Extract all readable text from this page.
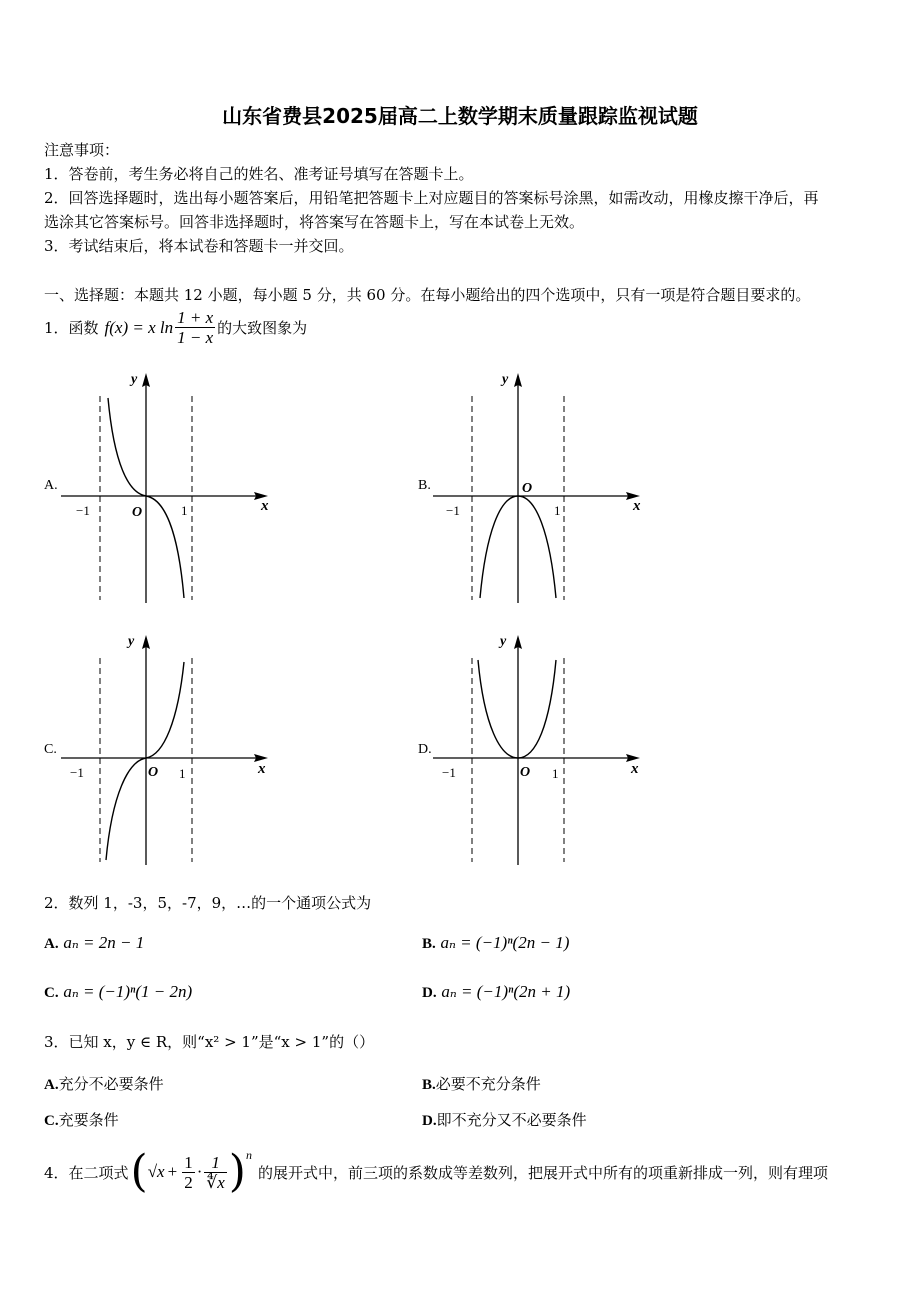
山东省费县2025届高二上数学期末质量跟踪监视试题
注意事项：
1．答卷前，考生务必将自己的姓名、准考证号填写在答题卡上。
2．回答选择题时，选出每小题答案后，用铅笔把答题卡上对应题目的答案标号涂黑，如需改动，用橡皮擦干净后，再
选涂其它答案标号。回答非选择题时，将答案写在答题卡上，写在本试卷上无效。
3．考试结束后，将本试卷和答题卡一并交回。
一、选择题：本题共 12 小题，每小题 5 分，共 60 分。在每小题给出的四个选项中，只有一项是符合题目要求的。
1．函数 f(x) = x $\ln \frac{1 + x}{1 - x}$ 的大致图象为
A.
−1	O	1	x
y
B.
−1
O
1	x
y
C.
−1	O 1	x
y
D.
−1	O 1	x
y
2．数列 1，-3，5，-7，9，…的一个通项公式为
A. aₙ = 2n − 1	B. aₙ = (−1)ⁿ(2n − 1)
C. aₙ = (−1)ⁿ(1 − 2n)	D. aₙ = (−1)ⁿ(2n + 1)
3．已知 x，y ∈ R，则“x² > 1”是“x > 1”的（）
A.充分不必要条件	B.必要不充分条件
C.充要条件	D.即不充分又不必要条件
4．在二项式 ( $√x + \frac{1}{2} \cdot \frac{1}{∜x}$ ) n
的展开式中，前三项的系数成等差数列，把展开式中所有的项重新排成一列，则有理项
